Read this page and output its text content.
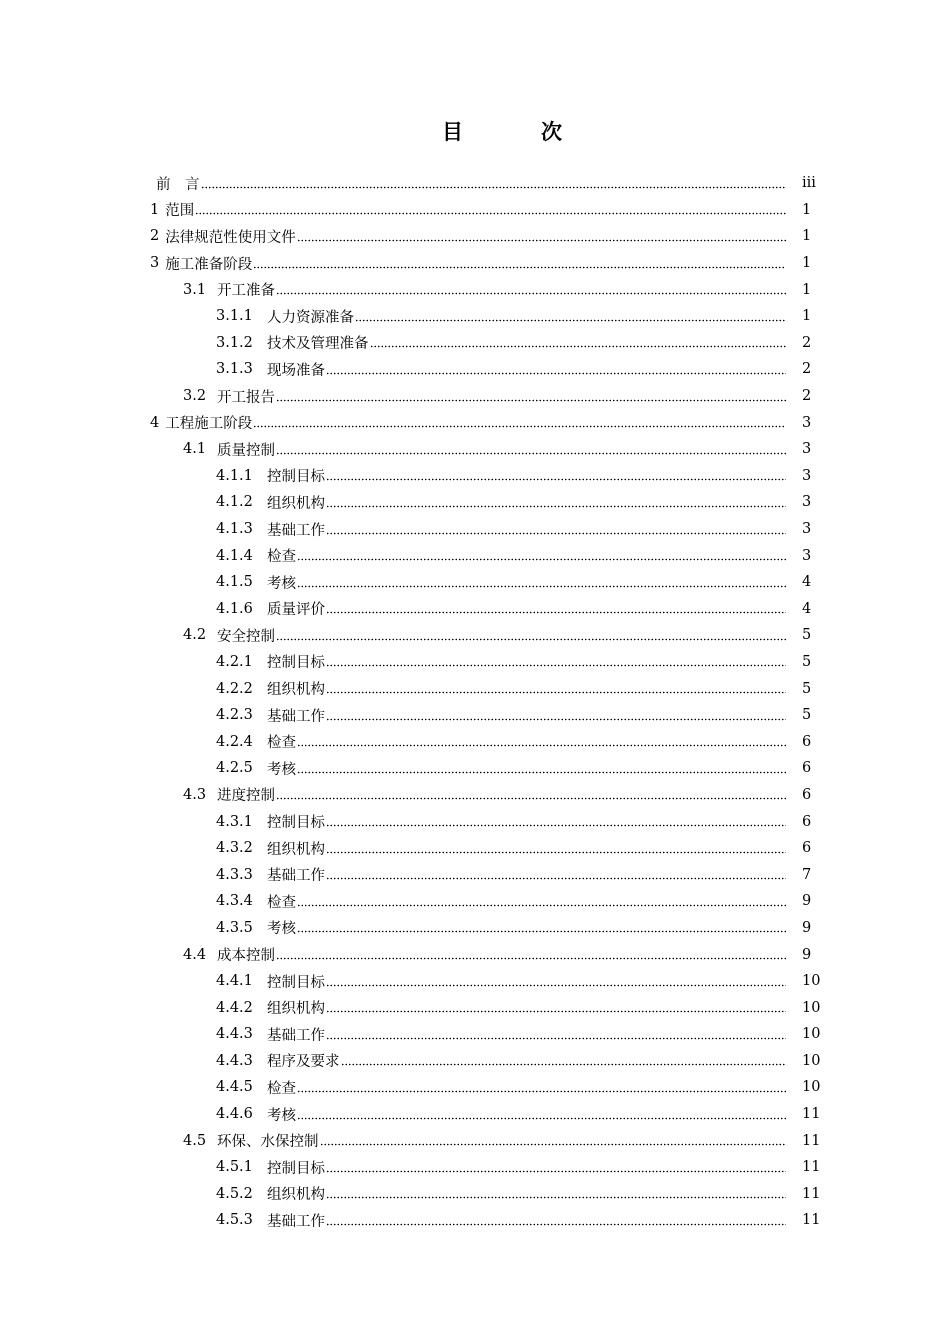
目	次
前　言	iii
1 范围	1
2 法律规范性使用文件	1
3 施工准备阶段	1
3.1 开工准备	1
3.1.1 人力资源准备	1
3.1.2 技术及管理准备	2
3.1.3 现场准备	2
3.2 开工报告	2
4 工程施工阶段	3
4.1 质量控制	3
4.1.1 控制目标	3
4.1.2 组织机构	3
4.1.3 基础工作	3
4.1.4 检查	3
4.1.5 考核	4
4.1.6 质量评价	4
4.2 安全控制	5
4.2.1 控制目标	5
4.2.2 组织机构	5
4.2.3 基础工作	5
4.2.4 检查	6
4.2.5 考核	6
4.3 进度控制	6
4.3.1 控制目标	6
4.3.2 组织机构	6
4.3.3 基础工作	7
4.3.4 检查	9
4.3.5 考核	9
4.4 成本控制	9
4.4.1 控制目标	10
4.4.2 组织机构	10
4.4.3 基础工作	10
4.4.3 程序及要求	10
4.4.5 检查	10
4.4.6 考核	11
4.5 环保、水保控制	11
4.5.1 控制目标	11
4.5.2 组织机构	11
4.5.3 基础工作	11
